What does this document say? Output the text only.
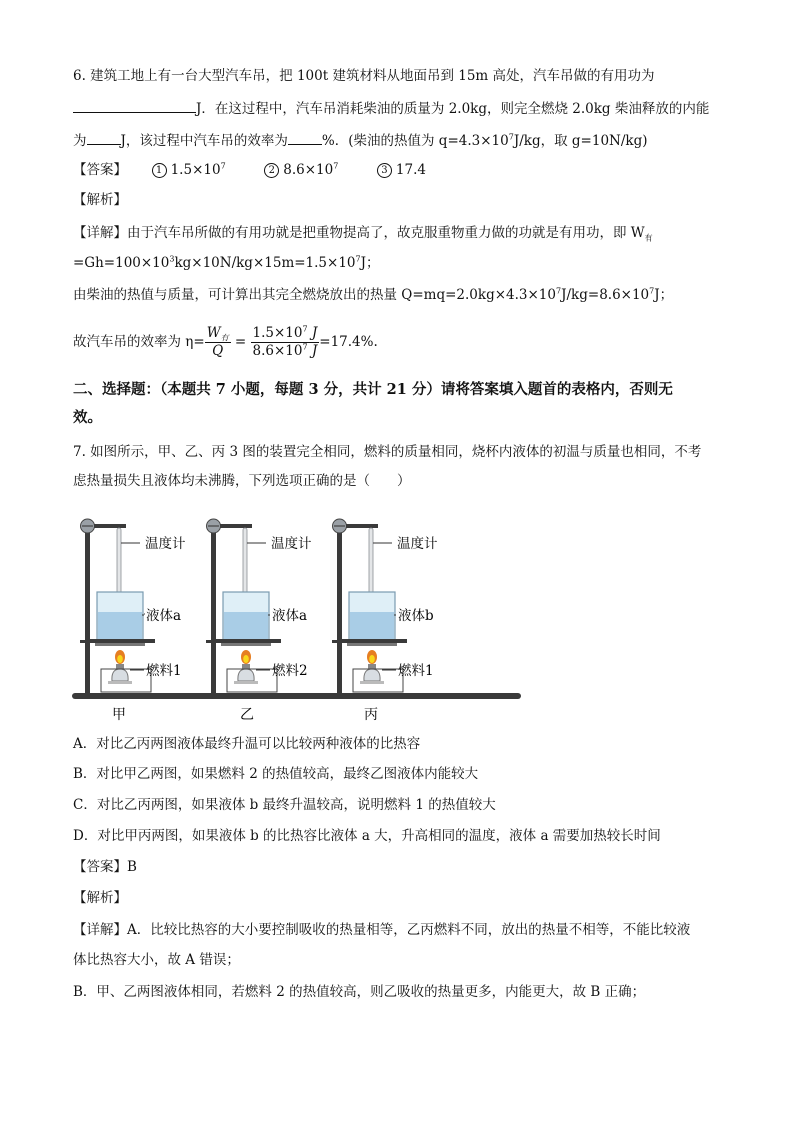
6. 建筑工地上有一台大型汽车吊，把 100t 建筑材料从地面吊到 15m 高处，汽车吊做的有用功为
J．在这过程中，汽车吊消耗柴油的质量为 2.0kg，则完全燃烧 2.0kg 柴油释放的内能
为	J，该过程中汽车吊的效率为	%．(柴油的热值为 $q=4.3\times 10^7J/kg$，取 g=10N/kg)
【答案】	1 $1.5\times 10^7$	2 $8.6\times 10^7$	3 17.4
【解析】
【详解】由于汽车吊所做的有用功就是把重物提高了，故克服重物重力做的功就是有用功，即 $W_有$
$=Gh=100\times 10^3kg\times 10N/kg\times 15m=1.5\times 10^7J$；
由柴油的热值与质量，可计算出其完全燃烧放出的热量 $Q=mq=2.0kg\times 4.3\times 10^7J/kg=8.6\times 10^7J$；
故汽车吊的效率为 $\eta= \frac{W_有}{Q} = \frac{1.5\times 10^7 J}{8.6\times 10^7 J} =17.4\%$.
二、选择题：（本题共 7 小题，每题 3 分，共计 21 分）请将答案填入题首的表格内，否则无
效。
7. 如图所示，甲、乙、丙 3 图的装置完全相同，燃料的质量相同，烧杯内液体的初温与质量也相同，不考
虑热量损失且液体均未沸腾，下列选项正确的是（　　）
温度计
液体a
燃料1
甲
温度计
液体a
燃料2
乙
温度计
液体b
燃料1
丙
A．对比乙丙两图液体最终升温可以比较两种液体的比热容
B．对比甲乙两图，如果燃料 2 的热值较高，最终乙图液体内能较大
C．对比乙丙两图，如果液体 b 最终升温较高，说明燃料 1 的热值较大
D．对比甲丙两图，如果液体 b 的比热容比液体 a 大，升高相同的温度，液体 a 需要加热较长时间
【答案】B
【解析】
【详解】A．比较比热容的大小要控制吸收的热量相等，乙丙燃料不同，放出的热量不相等，不能比较液
体比热容大小，故 A 错误；
B．甲、乙两图液体相同，若燃料 2 的热值较高，则乙吸收的热量更多，内能更大，故 B 正确；
